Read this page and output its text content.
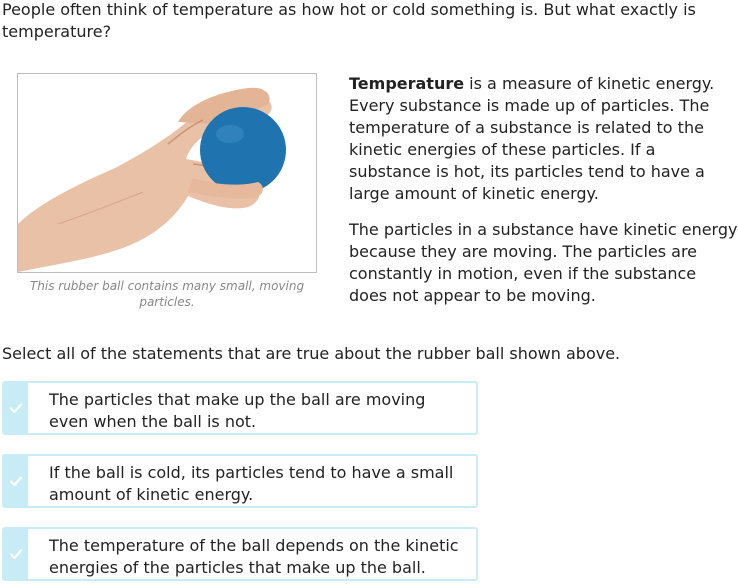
People often think of temperature as how hot or cold something is. But what exactly is temperature?

This rubber ball contains many small, moving particles.

Temperature is a measure of kinetic energy. Every substance is made up of particles. The temperature of a substance is related to the kinetic energies of these particles. If a substance is hot, its particles tend to have a large amount of kinetic energy.

The particles in a substance have kinetic energy because they are moving. The particles are constantly in motion, even if the substance does not appear to be moving.

Select all of the statements that are true about the rubber ball shown above.

The particles that make up the ball are moving even when the ball is not.
If the ball is cold, its particles tend to have a small amount of kinetic energy.
The temperature of the ball depends on the kinetic energies of the particles that make up the ball.
